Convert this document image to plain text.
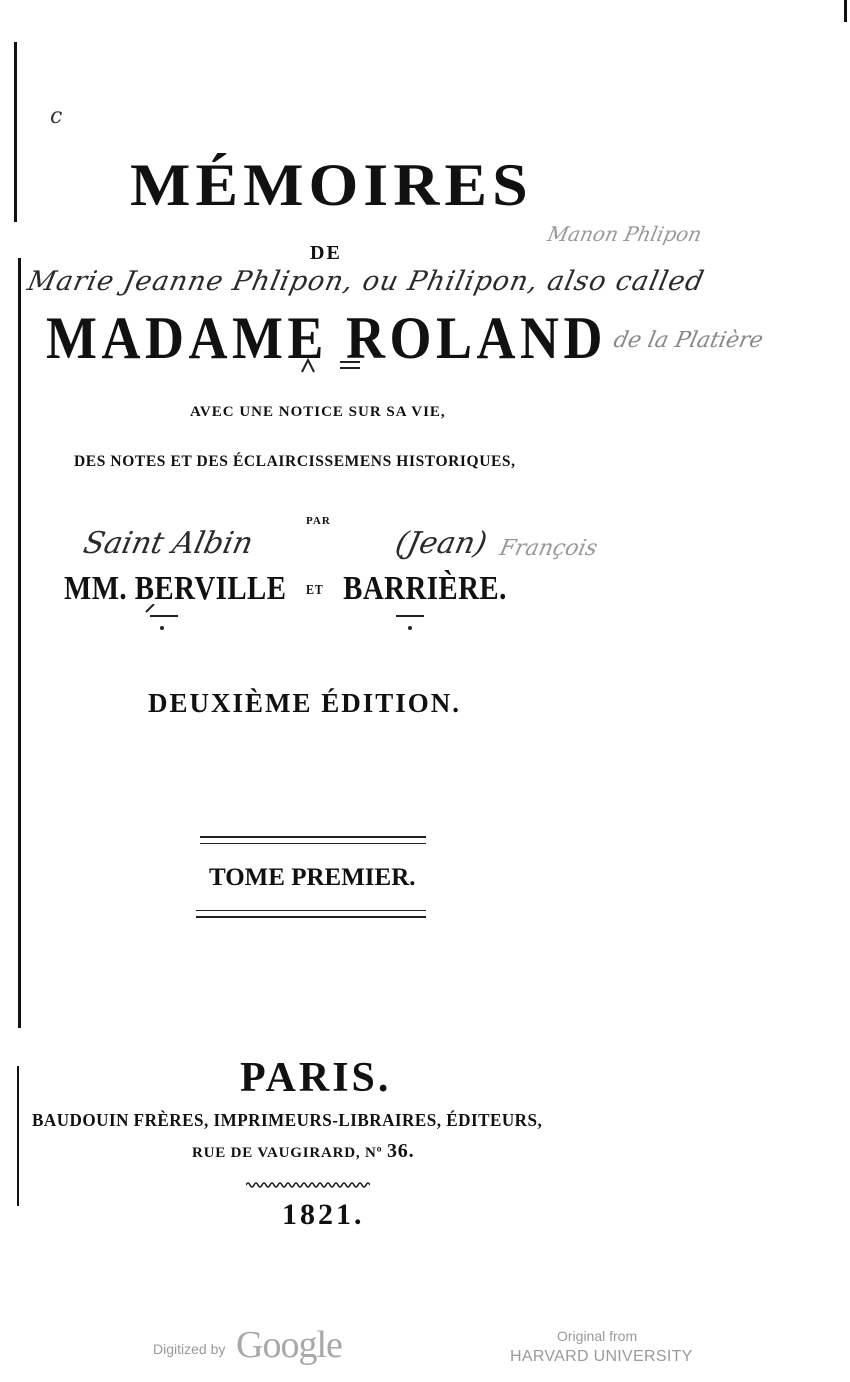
c
MÉMOIRES
DE
Manon Phlipon
Marie Jeanne Phlipon, ou Philipon, also called
MADAME ROLAND de la Platière
AVEC UNE NOTICE SUR SA VIE,
DES NOTES ET DES ÉCLAIRCISSEMENS HISTORIQUES,
PAR
Saint Albin	(Jean) François
MM. BERVILLE ET BARRIÈRE.
DEUXIÈME ÉDITION.
TOME PREMIER.
PARIS.
BAUDOUIN FRÈRES, IMPRIMEURS-LIBRAIRES, ÉDITEURS,
RUE DE VAUGIRARD, Nº 36.
1821.
Digitized by Google	Original from
HARVARD UNIVERSITY
